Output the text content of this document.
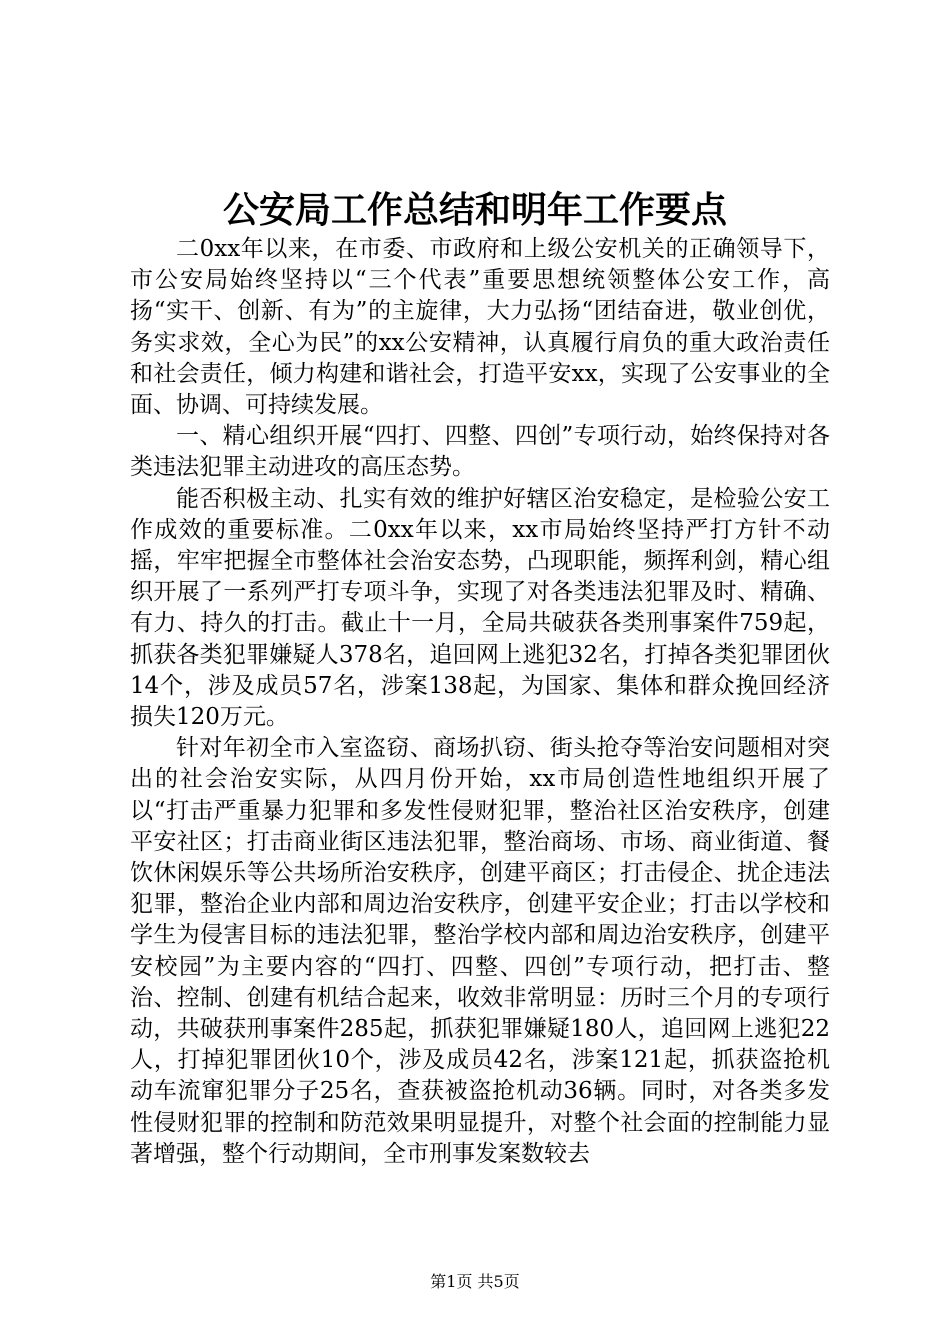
公安局工作总结和明年工作要点

二0xx年以来，在市委、市政府和上级公安机关的正确领导下，市公安局始终坚持以“三个代表”重要思想统领整体公安工作，高扬“实干、创新、有为”的主旋律，大力弘扬“团结奋进，敬业创优，务实求效，全心为民”的xx公安精神，认真履行肩负的重大政治责任和社会责任，倾力构建和谐社会，打造平安xx，实现了公安事业的全面、协调、可持续发展。

一、精心组织开展“四打、四整、四创”专项行动，始终保持对各类违法犯罪主动进攻的高压态势。

能否积极主动、扎实有效的维护好辖区治安稳定，是检验公安工作成效的重要标准。二0xx年以来，xx市局始终坚持严打方针不动摇，牢牢把握全市整体社会治安态势，凸现职能，频挥利剑，精心组织开展了一系列严打专项斗争，实现了对各类违法犯罪及时、精确、有力、持久的打击。截止十一月，全局共破获各类刑事案件759起，抓获各类犯罪嫌疑人378名，追回网上逃犯32名，打掉各类犯罪团伙14个，涉及成员57名，涉案138起，为国家、集体和群众挽回经济损失120万元。

针对年初全市入室盗窃、商场扒窃、街头抢夺等治安问题相对突出的社会治安实际，从四月份开始，xx市局创造性地组织开展了以“打击严重暴力犯罪和多发性侵财犯罪，整治社区治安秩序，创建平安社区；打击商业街区违法犯罪，整治商场、市场、商业街道、餐饮休闲娱乐等公共场所治安秩序，创建平商区；打击侵企、扰企违法犯罪，整治企业内部和周边治安秩序，创建平安企业；打击以学校和学生为侵害目标的违法犯罪，整治学校内部和周边治安秩序，创建平安校园”为主要内容的“四打、四整、四创”专项行动，把打击、整治、控制、创建有机结合起来，收效非常明显：历时三个月的专项行动，共破获刑事案件285起，抓获犯罪嫌疑180人，追回网上逃犯22人，打掉犯罪团伙10个，涉及成员42名，涉案121起，抓获盗抢机动车流窜犯罪分子25名，查获被盗抢机动36辆。同时，对各类多发性侵财犯罪的控制和防范效果明显提升，对整个社会面的控制能力显著增强，整个行动期间，全市刑事发案数较去

第1页 共5页
